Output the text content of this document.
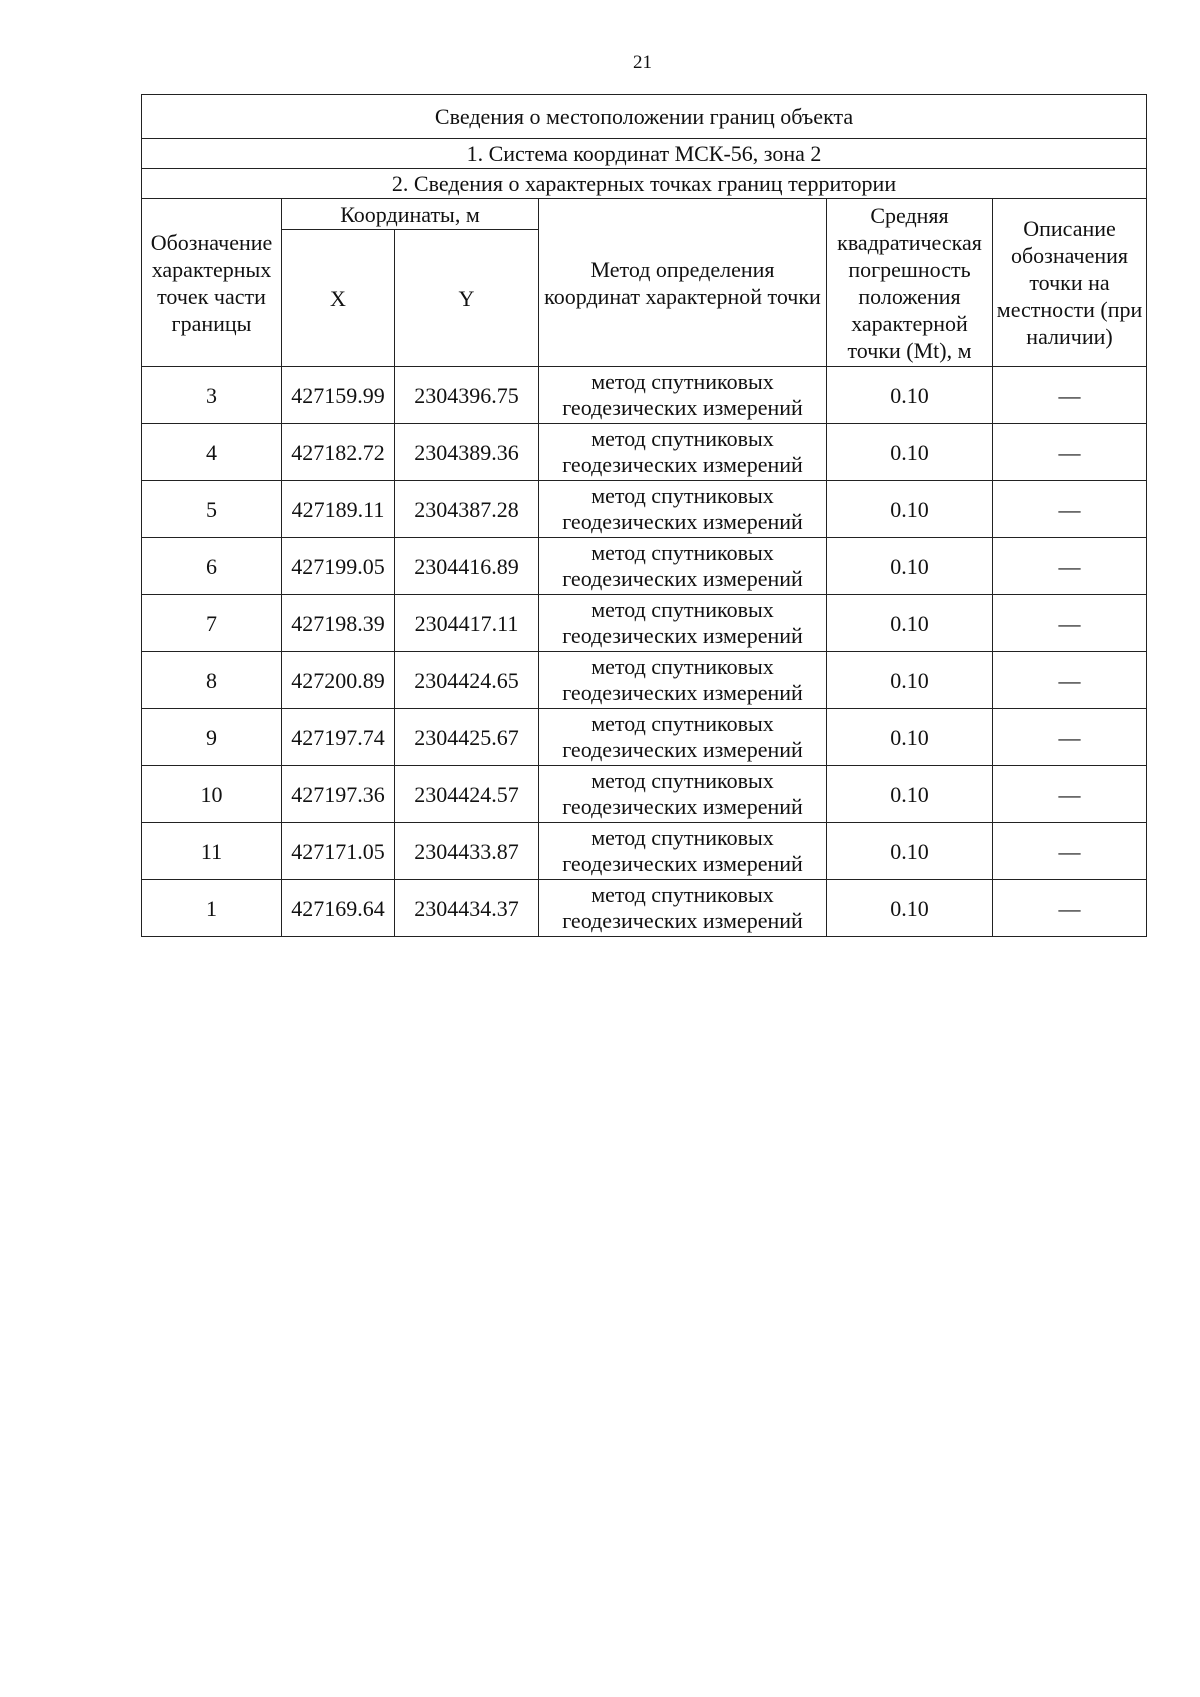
21
Сведения о местоположении границ объекта					
1. Система координат МСК-56, зона 2					
2. Сведения о характерных точках границ территории					
Обозначение характерных точек части границы	Координаты, м		Метод определения координат характерной точки	Средняя квадратическая погрешность положения характерной точки (Mt), м	Описание обозначения точки на местности (при наличии)
	X	Y			
3	427159.99	2304396.75	метод спутниковых геодезических измерений	0.10	—
4	427182.72	2304389.36	метод спутниковых геодезических измерений	0.10	—
5	427189.11	2304387.28	метод спутниковых геодезических измерений	0.10	—
6	427199.05	2304416.89	метод спутниковых геодезических измерений	0.10	—
7	427198.39	2304417.11	метод спутниковых геодезических измерений	0.10	—
8	427200.89	2304424.65	метод спутниковых геодезических измерений	0.10	—
9	427197.74	2304425.67	метод спутниковых геодезических измерений	0.10	—
10	427197.36	2304424.57	метод спутниковых геодезических измерений	0.10	—
11	427171.05	2304433.87	метод спутниковых геодезических измерений	0.10	—
1	427169.64	2304434.37	метод спутниковых геодезических измерений	0.10	—
